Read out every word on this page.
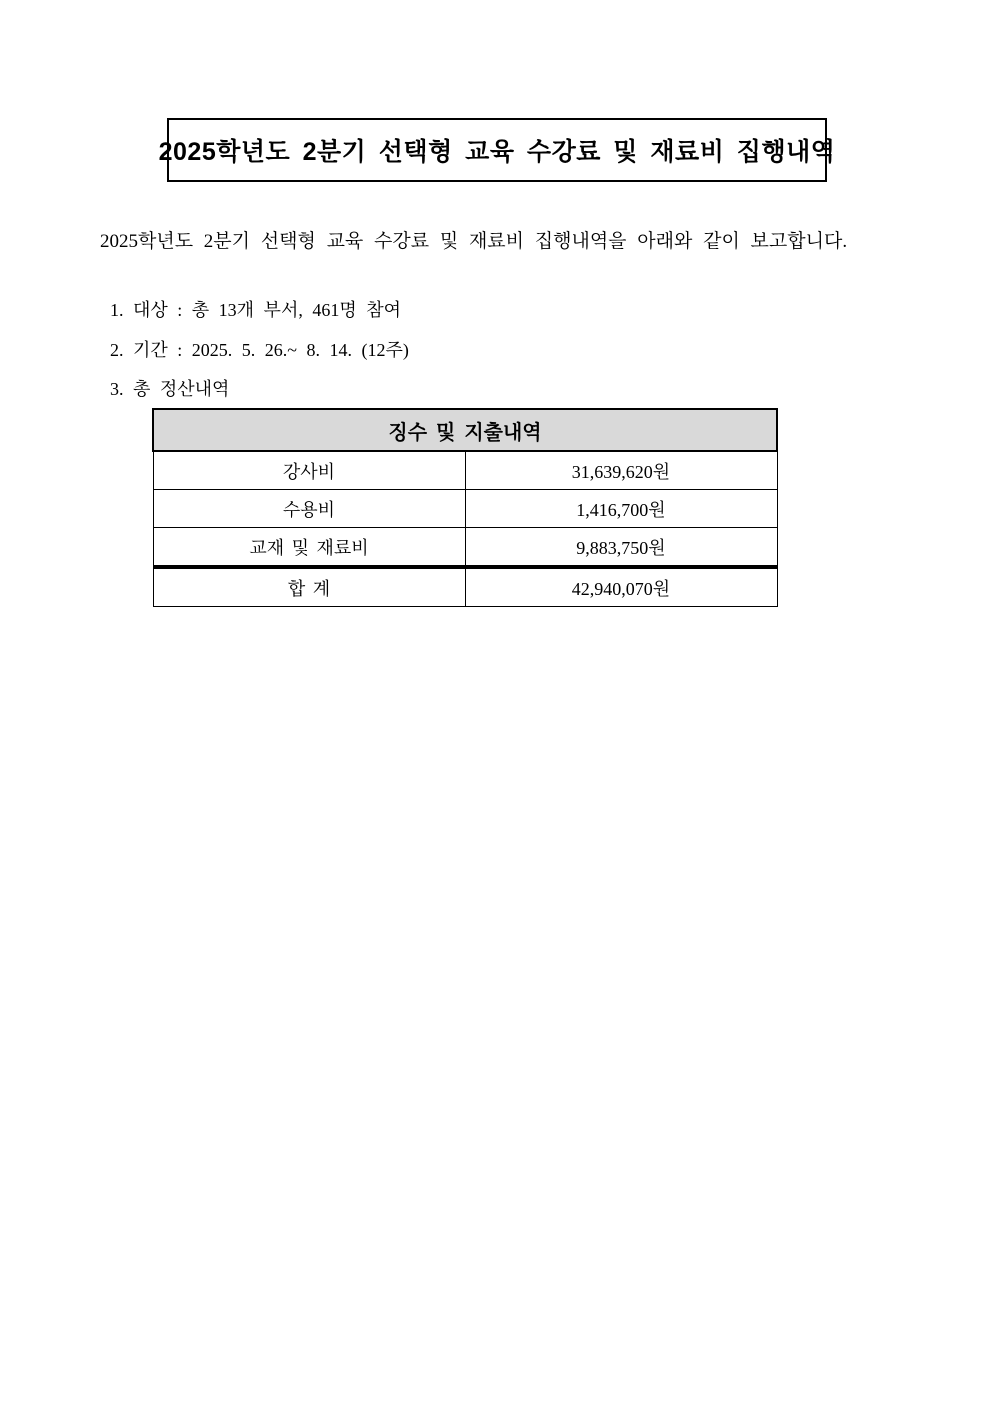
2025학년도 2분기 선택형 교육 수강료 및 재료비 집행내역
2025학년도 2분기 선택형 교육 수강료 및 재료비 집행내역을 아래와 같이 보고합니다.
1. 대상 : 총 13개 부서, 461명 참여
2. 기간 : 2025. 5. 26.~ 8. 14. (12주)
3. 총 정산내역
징수 및 지출내역	
강사비	31,639,620원
수용비	1,416,700원
교재 및 재료비	9,883,750원
합 계	42,940,070원
